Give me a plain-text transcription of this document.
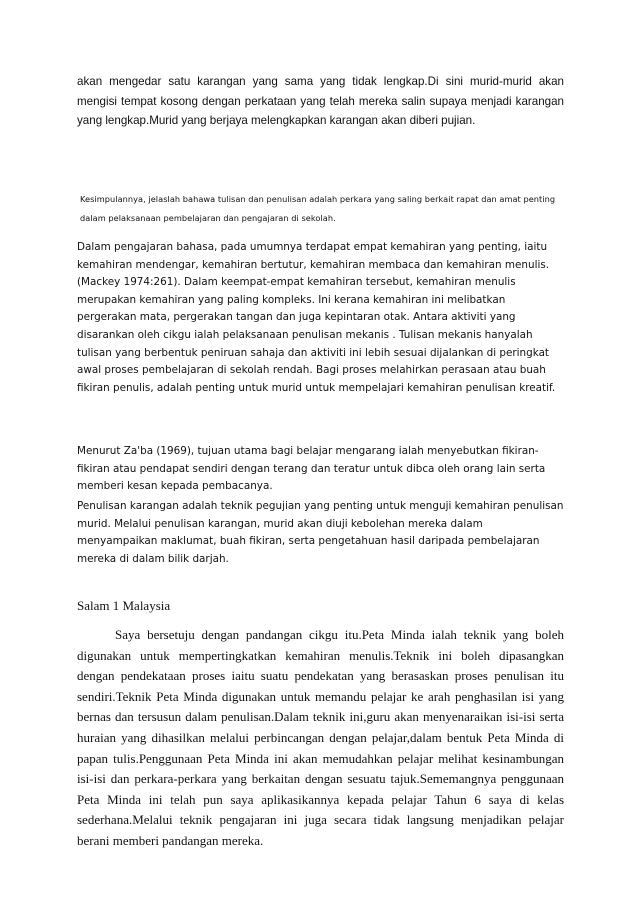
akan mengedar satu karangan yang sama yang tidak lengkap.Di sini murid-murid akan mengisi tempat kosong dengan perkataan yang telah mereka salin supaya menjadi karangan yang lengkap.Murid yang berjaya melengkapkan karangan akan diberi pujian.

Kesimpulannya, jelaslah bahawa tulisan dan penulisan adalah perkara yang saling berkait rapat dan amat penting dalam pelaksanaan pembelajaran dan pengajaran di sekolah.

Dalam pengajaran bahasa, pada umumnya terdapat empat kemahiran yang penting, iaitu kemahiran mendengar, kemahiran bertutur, kemahiran membaca dan kemahiran menulis. (Mackey 1974:261). Dalam keempat-empat kemahiran tersebut, kemahiran menulis merupakan kemahiran yang paling kompleks. Ini kerana kemahiran ini melibatkan pergerakan mata, pergerakan tangan dan juga kepintaran otak. Antara aktiviti yang disarankan oleh cikgu ialah pelaksanaan penulisan mekanis . Tulisan mekanis hanyalah tulisan yang berbentuk peniruan sahaja dan aktiviti ini lebih sesuai dijalankan di peringkat awal proses pembelajaran di sekolah rendah. Bagi proses melahirkan perasaan atau buah fikiran penulis, adalah penting untuk murid untuk mempelajari kemahiran penulisan kreatif.

Menurut Za'ba (1969), tujuan utama bagi belajar mengarang ialah menyebutkan fikiran-fikiran atau pendapat sendiri dengan terang dan teratur untuk dibca oleh orang lain serta memberi kesan kepada pembacanya.

Penulisan karangan adalah teknik pegujian yang penting untuk menguji kemahiran penulisan murid. Melalui penulisan karangan, murid akan diuji kebolehan mereka dalam menyampaikan maklumat, buah fikiran, serta pengetahuan hasil daripada pembelajaran mereka di dalam bilik darjah.

Salam 1 Malaysia

Saya bersetuju dengan pandangan cikgu itu.Peta Minda ialah teknik yang boleh digunakan untuk mempertingkatkan kemahiran menulis.Teknik ini boleh dipasangkan dengan pendekataan proses iaitu suatu pendekatan yang berasaskan proses penulisan itu sendiri.Teknik Peta Minda digunakan untuk memandu pelajar ke arah penghasilan isi yang bernas dan tersusun dalam penulisan.Dalam teknik ini,guru akan menyenaraikan isi-isi serta huraian yang dihasilkan melalui perbincangan dengan pelajar,dalam bentuk Peta Minda di papan tulis.Penggunaan Peta Minda ini akan memudahkan pelajar melihat kesinambungan isi-isi dan perkara-perkara yang berkaitan dengan sesuatu tajuk.Sememangnya penggunaan Peta Minda ini telah pun saya aplikasikannya kepada pelajar Tahun 6 saya di kelas sederhana.Melalui teknik pengajaran ini juga secara tidak langsung menjadikan pelajar berani memberi pandangan mereka.
